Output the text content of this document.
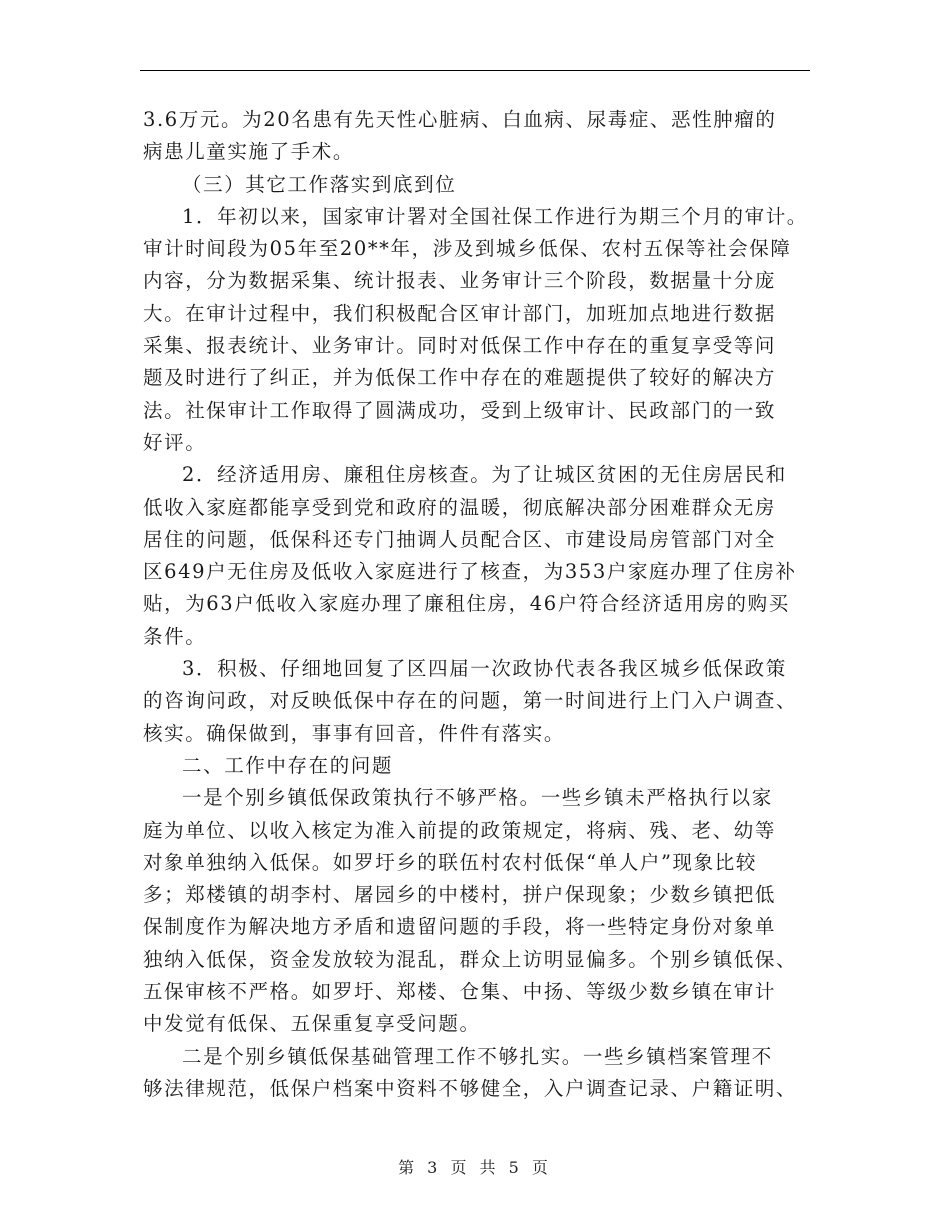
3.6万元。为20名患有先天性心脏病、白血病、尿毒症、恶性肿瘤的
病患儿童实施了手术。
（三）其它工作落实到底到位
1．年初以来，国家审计署对全国社保工作进行为期三个月的审计。
审计时间段为05年至20**年，涉及到城乡低保、农村五保等社会保障
内容，分为数据采集、统计报表、业务审计三个阶段，数据量十分庞
大。在审计过程中，我们积极配合区审计部门，加班加点地进行数据
采集、报表统计、业务审计。同时对低保工作中存在的重复享受等问
题及时进行了纠正，并为低保工作中存在的难题提供了较好的解决方
法。社保审计工作取得了圆满成功，受到上级审计、民政部门的一致
好评。
2．经济适用房、廉租住房核查。为了让城区贫困的无住房居民和
低收入家庭都能享受到党和政府的温暖，彻底解决部分困难群众无房
居住的问题，低保科还专门抽调人员配合区、市建设局房管部门对全
区649户无住房及低收入家庭进行了核查，为353户家庭办理了住房补
贴，为63户低收入家庭办理了廉租住房，46户符合经济适用房的购买
条件。
3．积极、仔细地回复了区四届一次政协代表各我区城乡低保政策
的咨询问政，对反映低保中存在的问题，第一时间进行上门入户调查、
核实。确保做到，事事有回音，件件有落实。
二、工作中存在的问题
一是个别乡镇低保政策执行不够严格。一些乡镇未严格执行以家
庭为单位、以收入核定为准入前提的政策规定，将病、残、老、幼等
对象单独纳入低保。如罗圩乡的联伍村农村低保“单人户”现象比较
多；郑楼镇的胡李村、屠园乡的中楼村，拼户保现象；少数乡镇把低
保制度作为解决地方矛盾和遗留问题的手段，将一些特定身份对象单
独纳入低保，资金发放较为混乱，群众上访明显偏多。个别乡镇低保、
五保审核不严格。如罗圩、郑楼、仓集、中扬、等级少数乡镇在审计
中发觉有低保、五保重复享受问题。
二是个别乡镇低保基础管理工作不够扎实。一些乡镇档案管理不
够法律规范，低保户档案中资料不够健全，入户调查记录、户籍证明、
第 3 页 共 5 页
